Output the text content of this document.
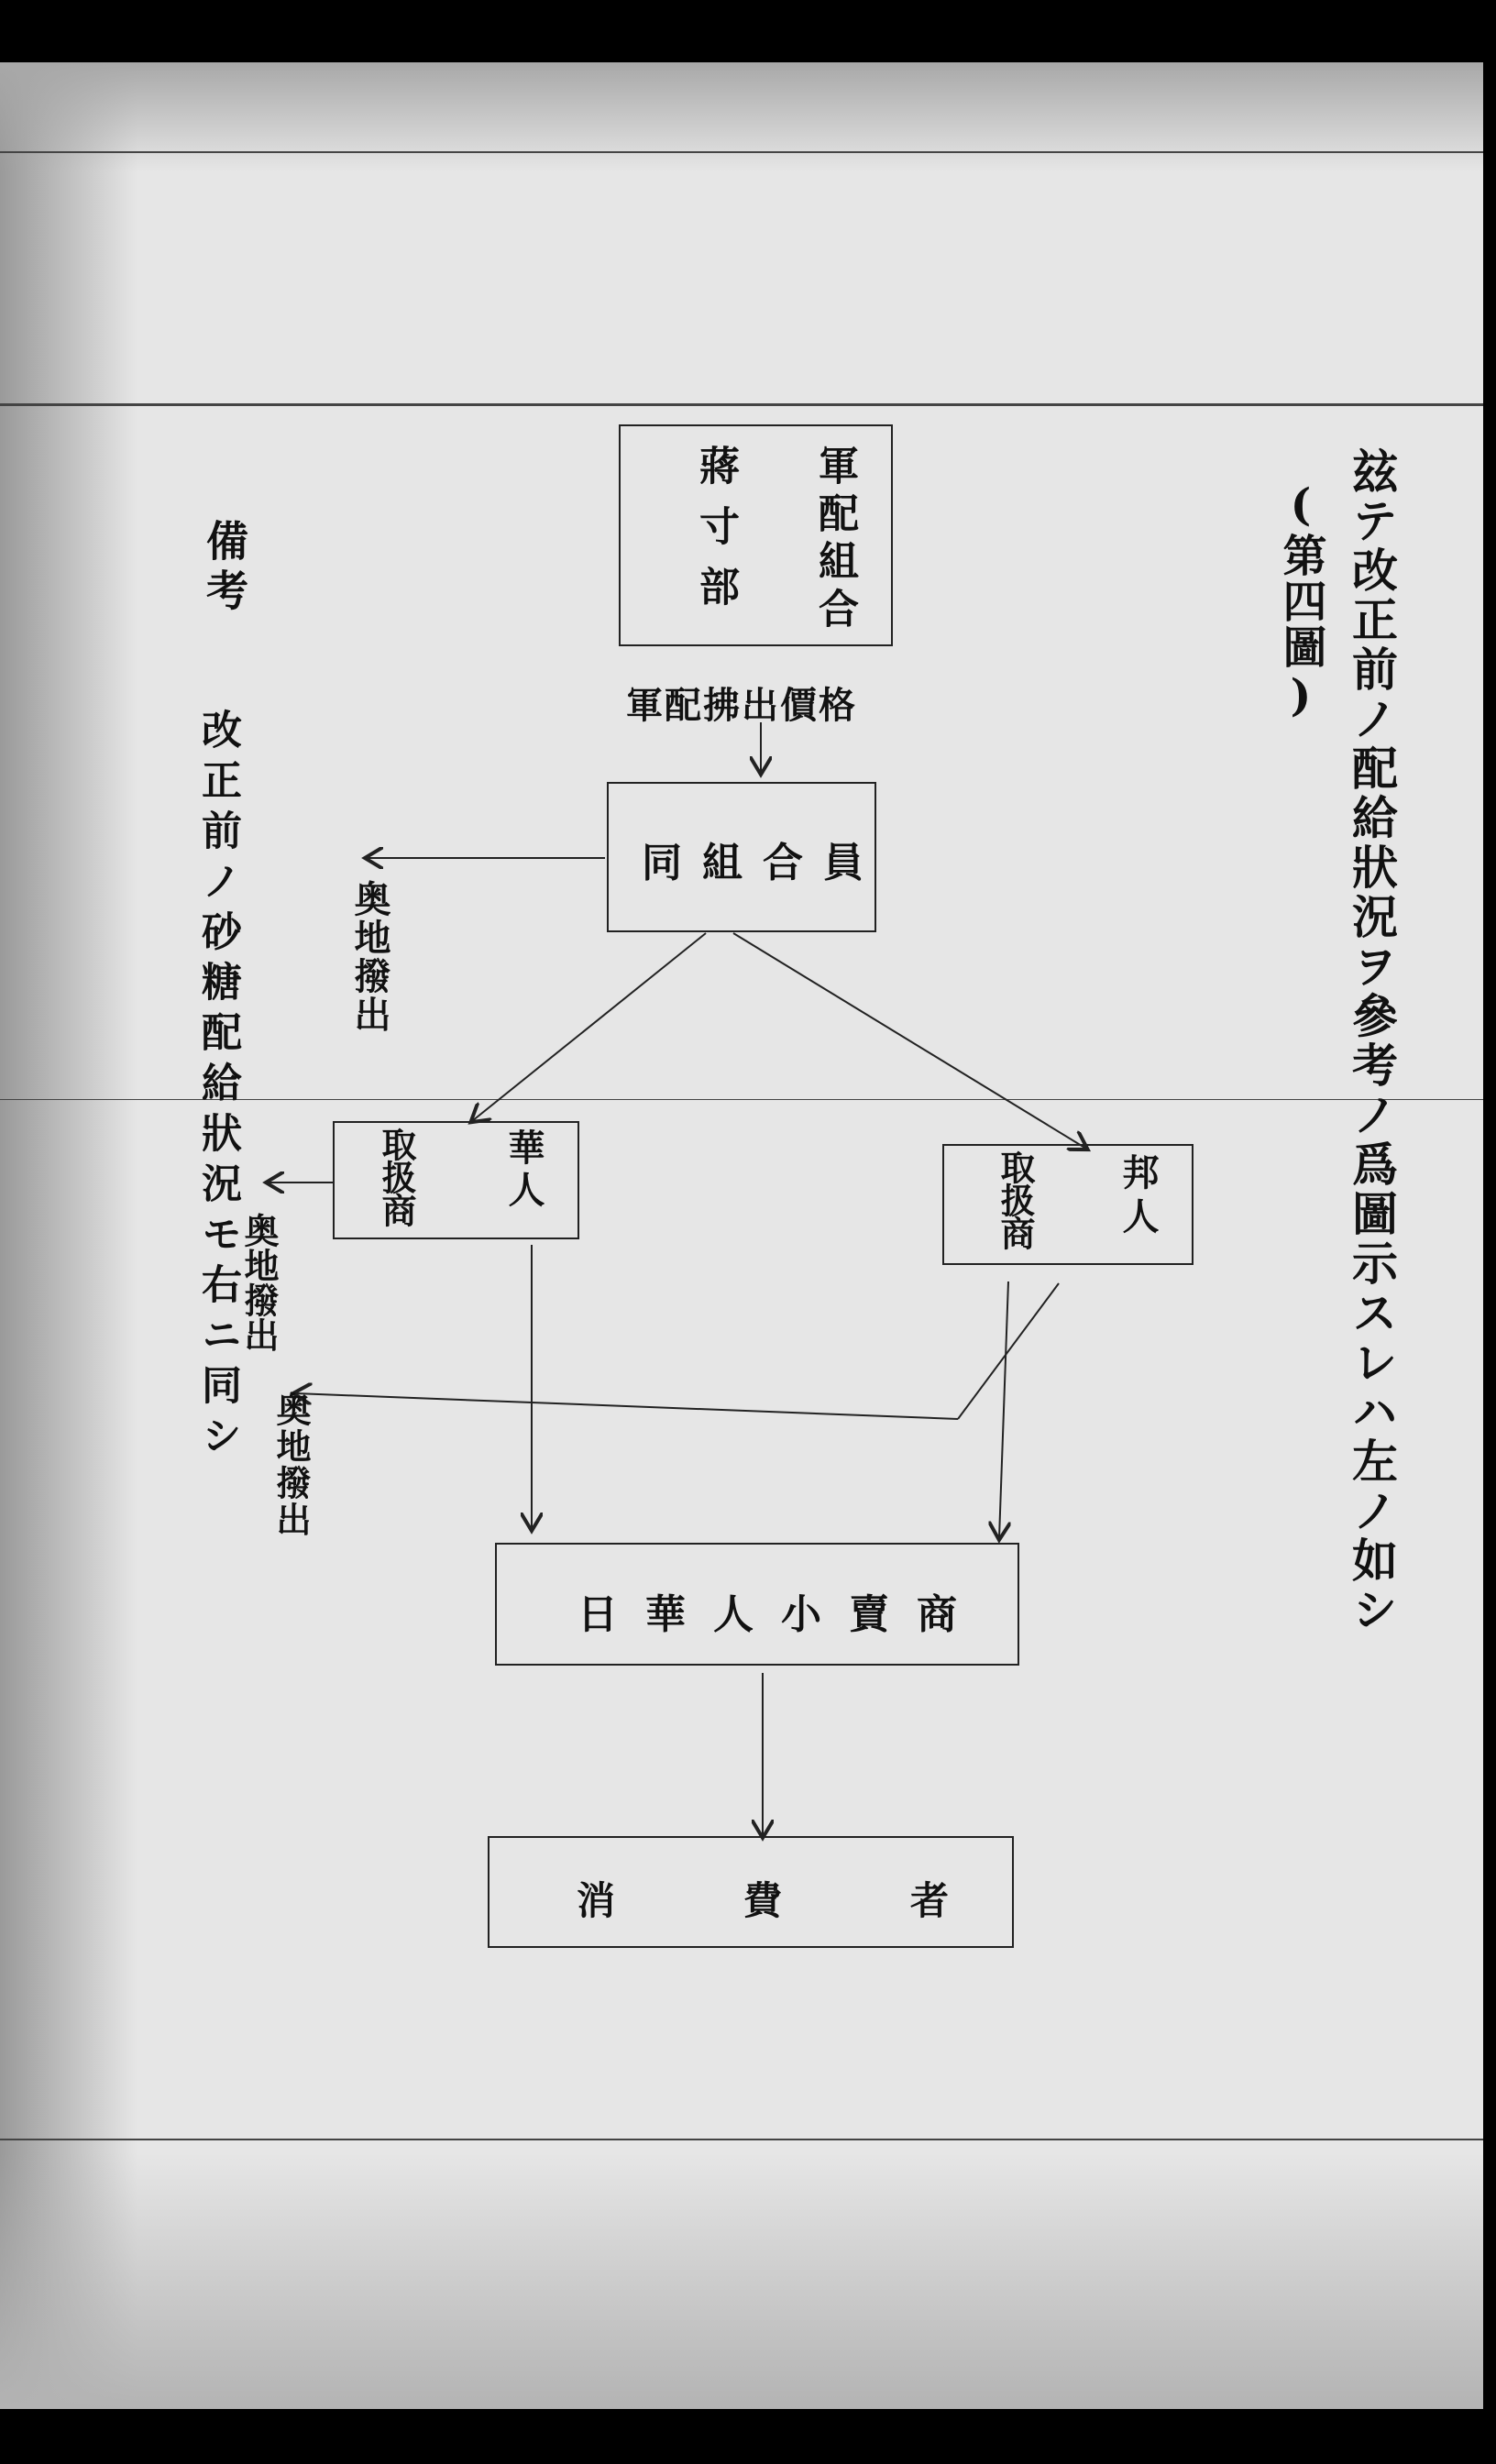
玆テ改正前ノ配給狀況ヲ參考ノ爲圖示スレハ左ノ如シ
(第四圖)
備考
改正前ノ砂糖配給狀況モ右ニ同シ
軍配組合
蔣寸部
軍配拂出價格
同組合員
奥地撥出
華人
取扱商
奥地撥出
邦人
取扱商
奥地撥出
日華人小賣商
消費者
